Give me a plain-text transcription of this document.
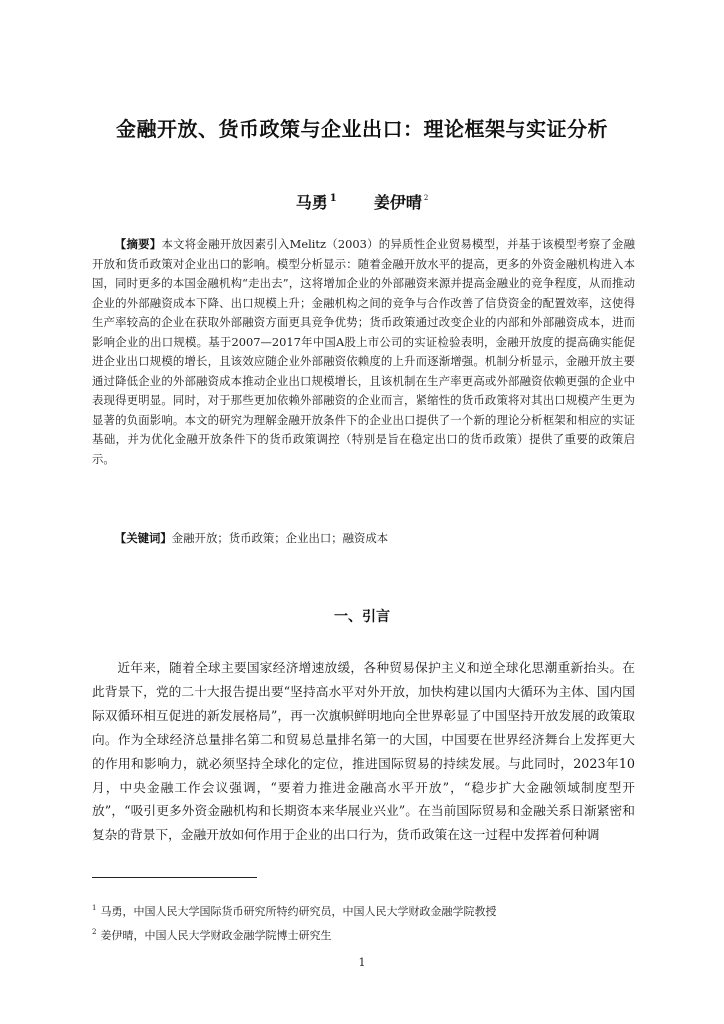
金融开放、货币政策与企业出口：理论框架与实证分析
马勇 $^1$ 姜伊晴 $^2$

【摘要】本文将金融开放因素引入Melitz（2003）的异质性企业贸易模型，并基于该模型考察了金融开放和货币政策对企业出口的影响。模型分析显示：随着金融开放水平的提高，更多的外资金融机构进入本国，同时更多的本国金融机构“走出去”，这将增加企业的外部融资来源并提高金融业的竞争程度，从而推动企业的外部融资成本下降、出口规模上升；金融机构之间的竞争与合作改善了信贷资金的配置效率，这使得生产率较高的企业在获取外部融资方面更具竞争优势；货币政策通过改变企业的内部和外部融资成本，进而影响企业的出口规模。基于2007—2017年中国A股上市公司的实证检验表明，金融开放度的提高确实能促进企业出口规模的增长，且该效应随企业外部融资依赖度的上升而逐渐增强。机制分析显示，金融开放主要通过降低企业的外部融资成本推动企业出口规模增长，且该机制在生产率更高或外部融资依赖更强的企业中表现得更明显。同时，对于那些更加依赖外部融资的企业而言，紧缩性的货币政策将对其出口规模产生更为显著的负面影响。本文的研究为理解金融开放条件下的企业出口提供了一个新的理论分析框架和相应的实证基础，并为优化金融开放条件下的货币政策调控（特别是旨在稳定出口的货币政策）提供了重要的政策启示。

【关键词】金融开放；货币政策；企业出口；融资成本

一、引言

近年来，随着全球主要国家经济增速放缓，各种贸易保护主义和逆全球化思潮重新抬头。在此背景下，党的二十大报告提出要“坚持高水平对外开放，加快构建以国内大循环为主体、国内国际双循环相互促进的新发展格局”，再一次旗帜鲜明地向全世界彰显了中国坚持开放发展的政策取向。作为全球经济总量排名第二和贸易总量排名第一的大国，中国要在世界经济舞台上发挥更大的作用和影响力，就必须坚持全球化的定位，推进国际贸易的持续发展。与此同时，2023年10月，中央金融工作会议强调，“要着力推进金融高水平开放”，“稳步扩大金融领域制度型开放”，“吸引更多外资金融机构和长期资本来华展业兴业”。在当前国际贸易和金融关系日渐紧密和复杂的背景下，金融开放如何作用于企业的出口行为，货币政策在这一过程中发挥着何种调

$^1$ 马勇，中国人民大学国际货币研究所特约研究员，中国人民大学财政金融学院教授
$^2$ 姜伊晴，中国人民大学财政金融学院博士研究生
1
